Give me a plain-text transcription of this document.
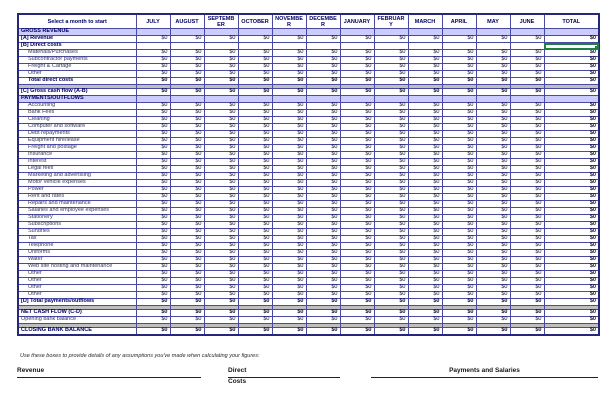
Select a month to start	JULY	AUGUST	SEPTEMBER	OCTOBER	NOVEMBER	DECEMBER	JANUARY	FEBRUARY	MARCH	APRIL	MAY	JUNE	TOTAL
GROSS REVENUE													
[A] Revenue	$0	$0	$0	$0	$0	$0	$0	$0	$0	$0	$0	$0	$0
[B] Direct costs													
Materials/Purchases	$0	$0	$0	$0	$0	$0	$0	$0	$0	$0	$0	$0	$0
Subcontractor payments	$0	$0	$0	$0	$0	$0	$0	$0	$0	$0	$0	$0	$0
Freight & Cartage	$0	$0	$0	$0	$0	$0	$0	$0	$0	$0	$0	$0	$0
Other	$0	$0	$0	$0	$0	$0	$0	$0	$0	$0	$0	$0	$0
Total direct costs	$0	$0	$0	$0	$0	$0	$0	$0	$0	$0	$0	$0	$0

[C] Gross cash flow (A-B)	$0	$0	$0	$0	$0	$0	$0	$0	$0	$0	$0	$0	$0
PAYMENTS/OUTFLOWS													
Accounting	$0	$0	$0	$0	$0	$0	$0	$0	$0	$0	$0	$0	$0
Bank Fees	$0	$0	$0	$0	$0	$0	$0	$0	$0	$0	$0	$0	$0
Cleaning	$0	$0	$0	$0	$0	$0	$0	$0	$0	$0	$0	$0	$0
Computer and software	$0	$0	$0	$0	$0	$0	$0	$0	$0	$0	$0	$0	$0
Debt repayments	$0	$0	$0	$0	$0	$0	$0	$0	$0	$0	$0	$0	$0
Equipment hire/lease	$0	$0	$0	$0	$0	$0	$0	$0	$0	$0	$0	$0	$0
Freight and postage	$0	$0	$0	$0	$0	$0	$0	$0	$0	$0	$0	$0	$0
Insurance	$0	$0	$0	$0	$0	$0	$0	$0	$0	$0	$0	$0	$0
Interest	$0	$0	$0	$0	$0	$0	$0	$0	$0	$0	$0	$0	$0
Legal fees	$0	$0	$0	$0	$0	$0	$0	$0	$0	$0	$0	$0	$0
Marketing and advertising	$0	$0	$0	$0	$0	$0	$0	$0	$0	$0	$0	$0	$0
Motor vehicle expenses	$0	$0	$0	$0	$0	$0	$0	$0	$0	$0	$0	$0	$0
Power	$0	$0	$0	$0	$0	$0	$0	$0	$0	$0	$0	$0	$0
Rent and rates	$0	$0	$0	$0	$0	$0	$0	$0	$0	$0	$0	$0	$0
Repairs and maintenance	$0	$0	$0	$0	$0	$0	$0	$0	$0	$0	$0	$0	$0
Salaries and employee expenses	$0	$0	$0	$0	$0	$0	$0	$0	$0	$0	$0	$0	$0
Stationery	$0	$0	$0	$0	$0	$0	$0	$0	$0	$0	$0	$0	$0
Subscriptions	$0	$0	$0	$0	$0	$0	$0	$0	$0	$0	$0	$0	$0
Sundries	$0	$0	$0	$0	$0	$0	$0	$0	$0	$0	$0	$0	$0
Tax	$0	$0	$0	$0	$0	$0	$0	$0	$0	$0	$0	$0	$0
Telephone	$0	$0	$0	$0	$0	$0	$0	$0	$0	$0	$0	$0	$0
Uniforms	$0	$0	$0	$0	$0	$0	$0	$0	$0	$0	$0	$0	$0
Water	$0	$0	$0	$0	$0	$0	$0	$0	$0	$0	$0	$0	$0
Web site hosting and maintenance	$0	$0	$0	$0	$0	$0	$0	$0	$0	$0	$0	$0	$0
Other	$0	$0	$0	$0	$0	$0	$0	$0	$0	$0	$0	$0	$0
Other	$0	$0	$0	$0	$0	$0	$0	$0	$0	$0	$0	$0	$0
Other	$0	$0	$0	$0	$0	$0	$0	$0	$0	$0	$0	$0	$0
Other	$0	$0	$0	$0	$0	$0	$0	$0	$0	$0	$0	$0	$0
[D] Total payments/outflows	$0	$0	$0	$0	$0	$0	$0	$0	$0	$0	$0	$0	$0

NET CASH FLOW (C-D)	$0	$0	$0	$0	$0	$0	$0	$0	$0	$0	$0	$0	$0
Opening bank balance	$0	$0	$0	$0	$0	$0	$0	$0	$0	$0	$0	$0	$0

CLOSING BANK BALANCE	$0	$0	$0	$0	$0	$0	$0	$0	$0	$0	$0	$0	$0
Use these boxes to provide details of any assumptions you've made when calculating your figures:
Revenue	Direct
Costs
Payments and Salaries
